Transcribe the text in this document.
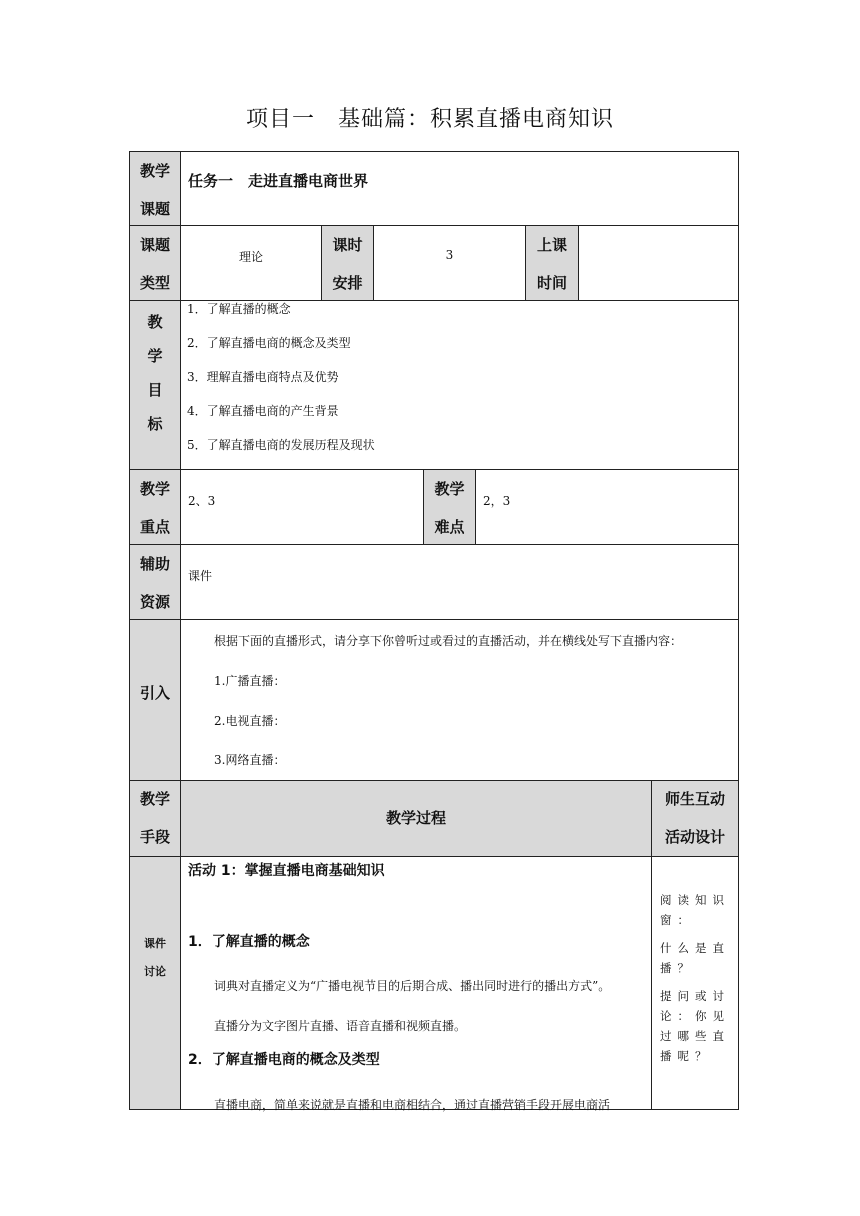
项目一　基础篇：积累直播电商知识
教学
课题
任务一　走进直播电商世界
课题
类型
理论
课时
安排
3
上课
时间
教
学
目
标
1．了解直播的概念
2．了解直播电商的概念及类型
3．理解直播电商特点及优势
4．了解直播电商的产生背景
5．了解直播电商的发展历程及现状
教学
重点
2、3
教学
难点
2，3
辅助
资源
课件
引入
根据下面的直播形式，请分享下你曾听过或看过的直播活动，并在横线处写下直播内容：
1.广播直播：
2.电视直播：
3.网络直播：
教学
手段
教学过程
师生互动
活动设计
课件
讨论
活动 1：掌握直播电商基础知识
1．了解直播的概念
词典对直播定义为“广播电视节目的后期合成、播出同时进行的播出方式”。
直播分为文字图片直播、语音直播和视频直播。
2．了解直播电商的概念及类型
直播电商，简单来说就是直播和电商相结合，通过直播营销手段开展电商活

阅读知识窗：

什么是直播？

提问或讨论：你见过哪些直播呢？
